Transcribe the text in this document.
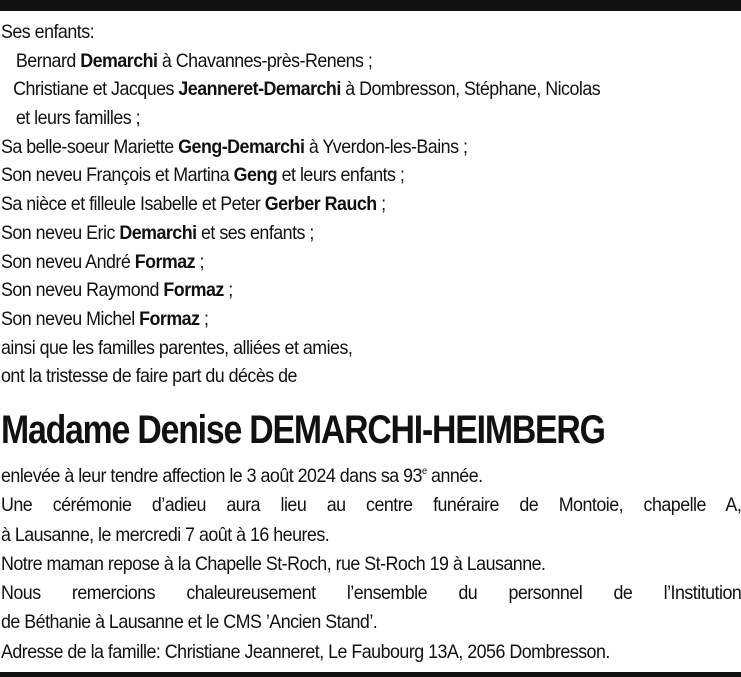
Ses enfants:
Bernard Demarchi à Chavannes-près-Renens ;
Christiane et Jacques Jeanneret-Demarchi à Dombresson, Stéphane, Nicolas
et leurs familles ;
Sa belle-soeur Mariette Geng-Demarchi à Yverdon-les-Bains ;
Son neveu François et Martina Geng et leurs enfants ;
Sa nièce et filleule Isabelle et Peter Gerber Rauch ;
Son neveu Eric Demarchi et ses enfants ;
Son neveu André Formaz ;
Son neveu Raymond Formaz ;
Son neveu Michel Formaz ;
ainsi que les familles parentes, alliées et amies,
ont la tristesse de faire part du décès de
Madame Denise DEMARCHI-HEIMBERG
enlevée à leur tendre affection le 3 août 2024 dans sa 93e année.
Une cérémonie d’adieu aura lieu au centre funéraire de Montoie, chapelle A,
à Lausanne, le mercredi 7 août à 16 heures.
Notre maman repose à la Chapelle St-Roch, rue St-Roch 19 à Lausanne.
Nous remercions chaleureusement l’ensemble du personnel de l’Institution
de Béthanie à Lausanne et le CMS ’Ancien Stand’.
Adresse de la famille: Christiane Jeanneret, Le Faubourg 13A, 2056 Dombresson.
